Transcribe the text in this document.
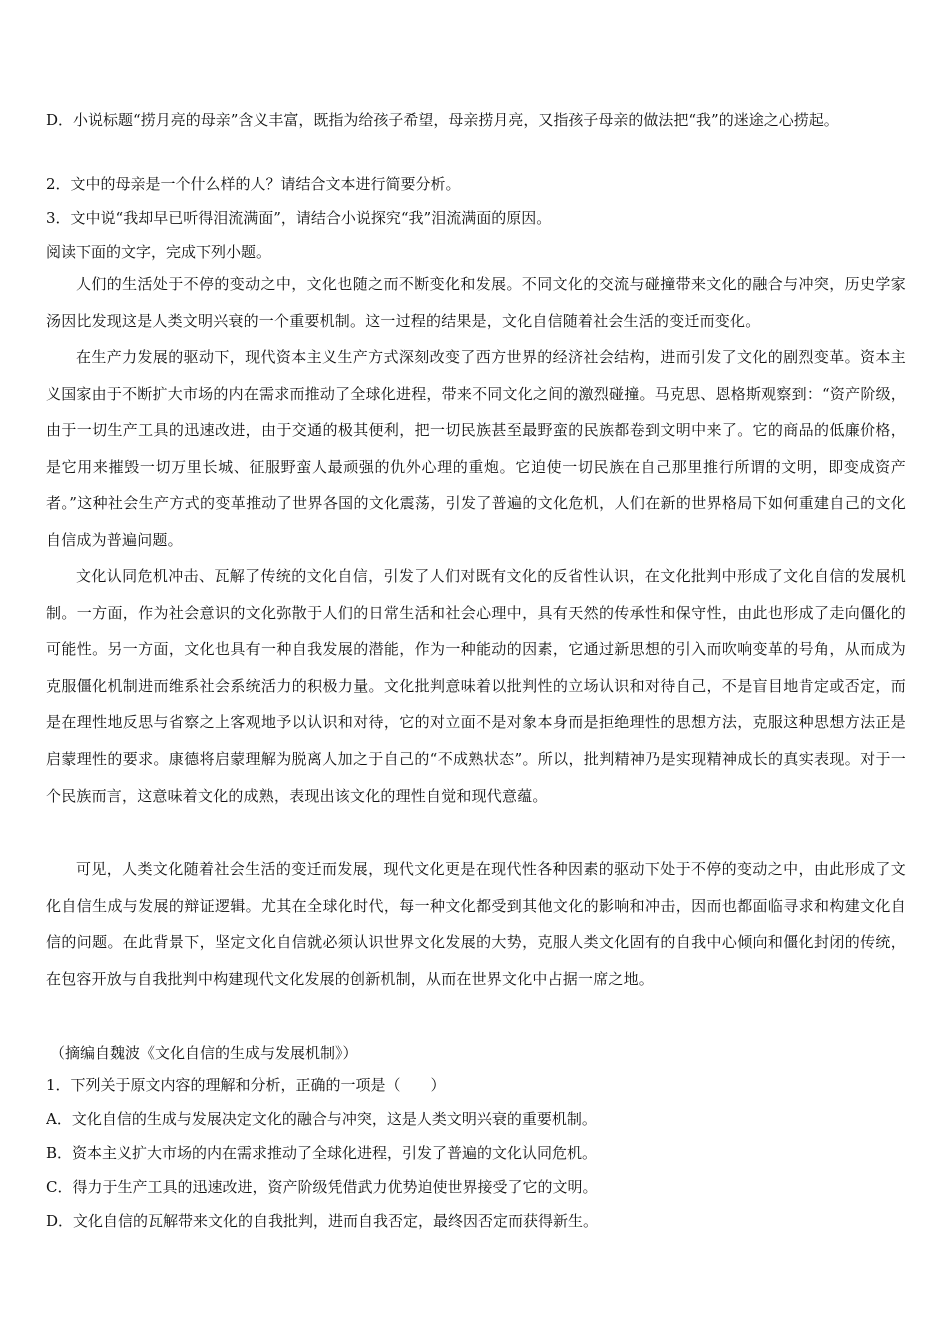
D．小说标题“捞月亮的母亲”含义丰富，既指为给孩子希望，母亲捞月亮，又指孩子母亲的做法把“我”的迷途之心捞起。
2．文中的母亲是一个什么样的人？请结合文本进行简要分析。
3．文中说“我却早已听得泪流满面”，请结合小说探究“我”泪流满面的原因。
阅读下面的文字，完成下列小题。
人们的生活处于不停的变动之中，文化也随之而不断变化和发展。不同文化的交流与碰撞带来文化的融合与冲突，历史学家汤因比发现这是人类文明兴衰的一个重要机制。这一过程的结果是，文化自信随着社会生活的变迁而变化。
在生产力发展的驱动下，现代资本主义生产方式深刻改变了西方世界的经济社会结构，进而引发了文化的剧烈变革。资本主义国家由于不断扩大市场的内在需求而推动了全球化进程，带来不同文化之间的激烈碰撞。马克思、恩格斯观察到：“资产阶级，由于一切生产工具的迅速改进，由于交通的极其便利，把一切民族甚至最野蛮的民族都卷到文明中来了。它的商品的低廉价格，是它用来摧毁一切万里长城、征服野蛮人最顽强的仇外心理的重炮。它迫使一切民族在自己那里推行所谓的文明，即变成资产者。”这种社会生产方式的变革推动了世界各国的文化震荡，引发了普遍的文化危机，人们在新的世界格局下如何重建自己的文化自信成为普遍问题。
文化认同危机冲击、瓦解了传统的文化自信，引发了人们对既有文化的反省性认识，在文化批判中形成了文化自信的发展机制。一方面，作为社会意识的文化弥散于人们的日常生活和社会心理中，具有天然的传承性和保守性，由此也形成了走向僵化的可能性。另一方面，文化也具有一种自我发展的潜能，作为一种能动的因素，它通过新思想的引入而吹响变革的号角，从而成为克服僵化机制进而维系社会系统活力的积极力量。文化批判意味着以批判性的立场认识和对待自己，不是盲目地肯定或否定，而是在理性地反思与省察之上客观地予以认识和对待，它的对立面不是对象本身而是拒绝理性的思想方法，克服这种思想方法正是启蒙理性的要求。康德将启蒙理解为脱离人加之于自己的“不成熟状态”。所以，批判精神乃是实现精神成长的真实表现。对于一个民族而言，这意味着文化的成熟，表现出该文化的理性自觉和现代意蕴。
可见，人类文化随着社会生活的变迁而发展，现代文化更是在现代性各种因素的驱动下处于不停的变动之中，由此形成了文化自信生成与发展的辩证逻辑。尤其在全球化时代，每一种文化都受到其他文化的影响和冲击，因而也都面临寻求和构建文化自信的问题。在此背景下，坚定文化自信就必须认识世界文化发展的大势，克服人类文化固有的自我中心倾向和僵化封闭的传统，在包容开放与自我批判中构建现代文化发展的创新机制，从而在世界文化中占据一席之地。
（摘编自魏波《文化自信的生成与发展机制》）
1．下列关于原文内容的理解和分析，正确的一项是（　　）
A．文化自信的生成与发展决定文化的融合与冲突，这是人类文明兴衰的重要机制。
B．资本主义扩大市场的内在需求推动了全球化进程，引发了普遍的文化认同危机。
C．得力于生产工具的迅速改进，资产阶级凭借武力优势迫使世界接受了它的文明。
D．文化自信的瓦解带来文化的自我批判，进而自我否定，最终因否定而获得新生。
